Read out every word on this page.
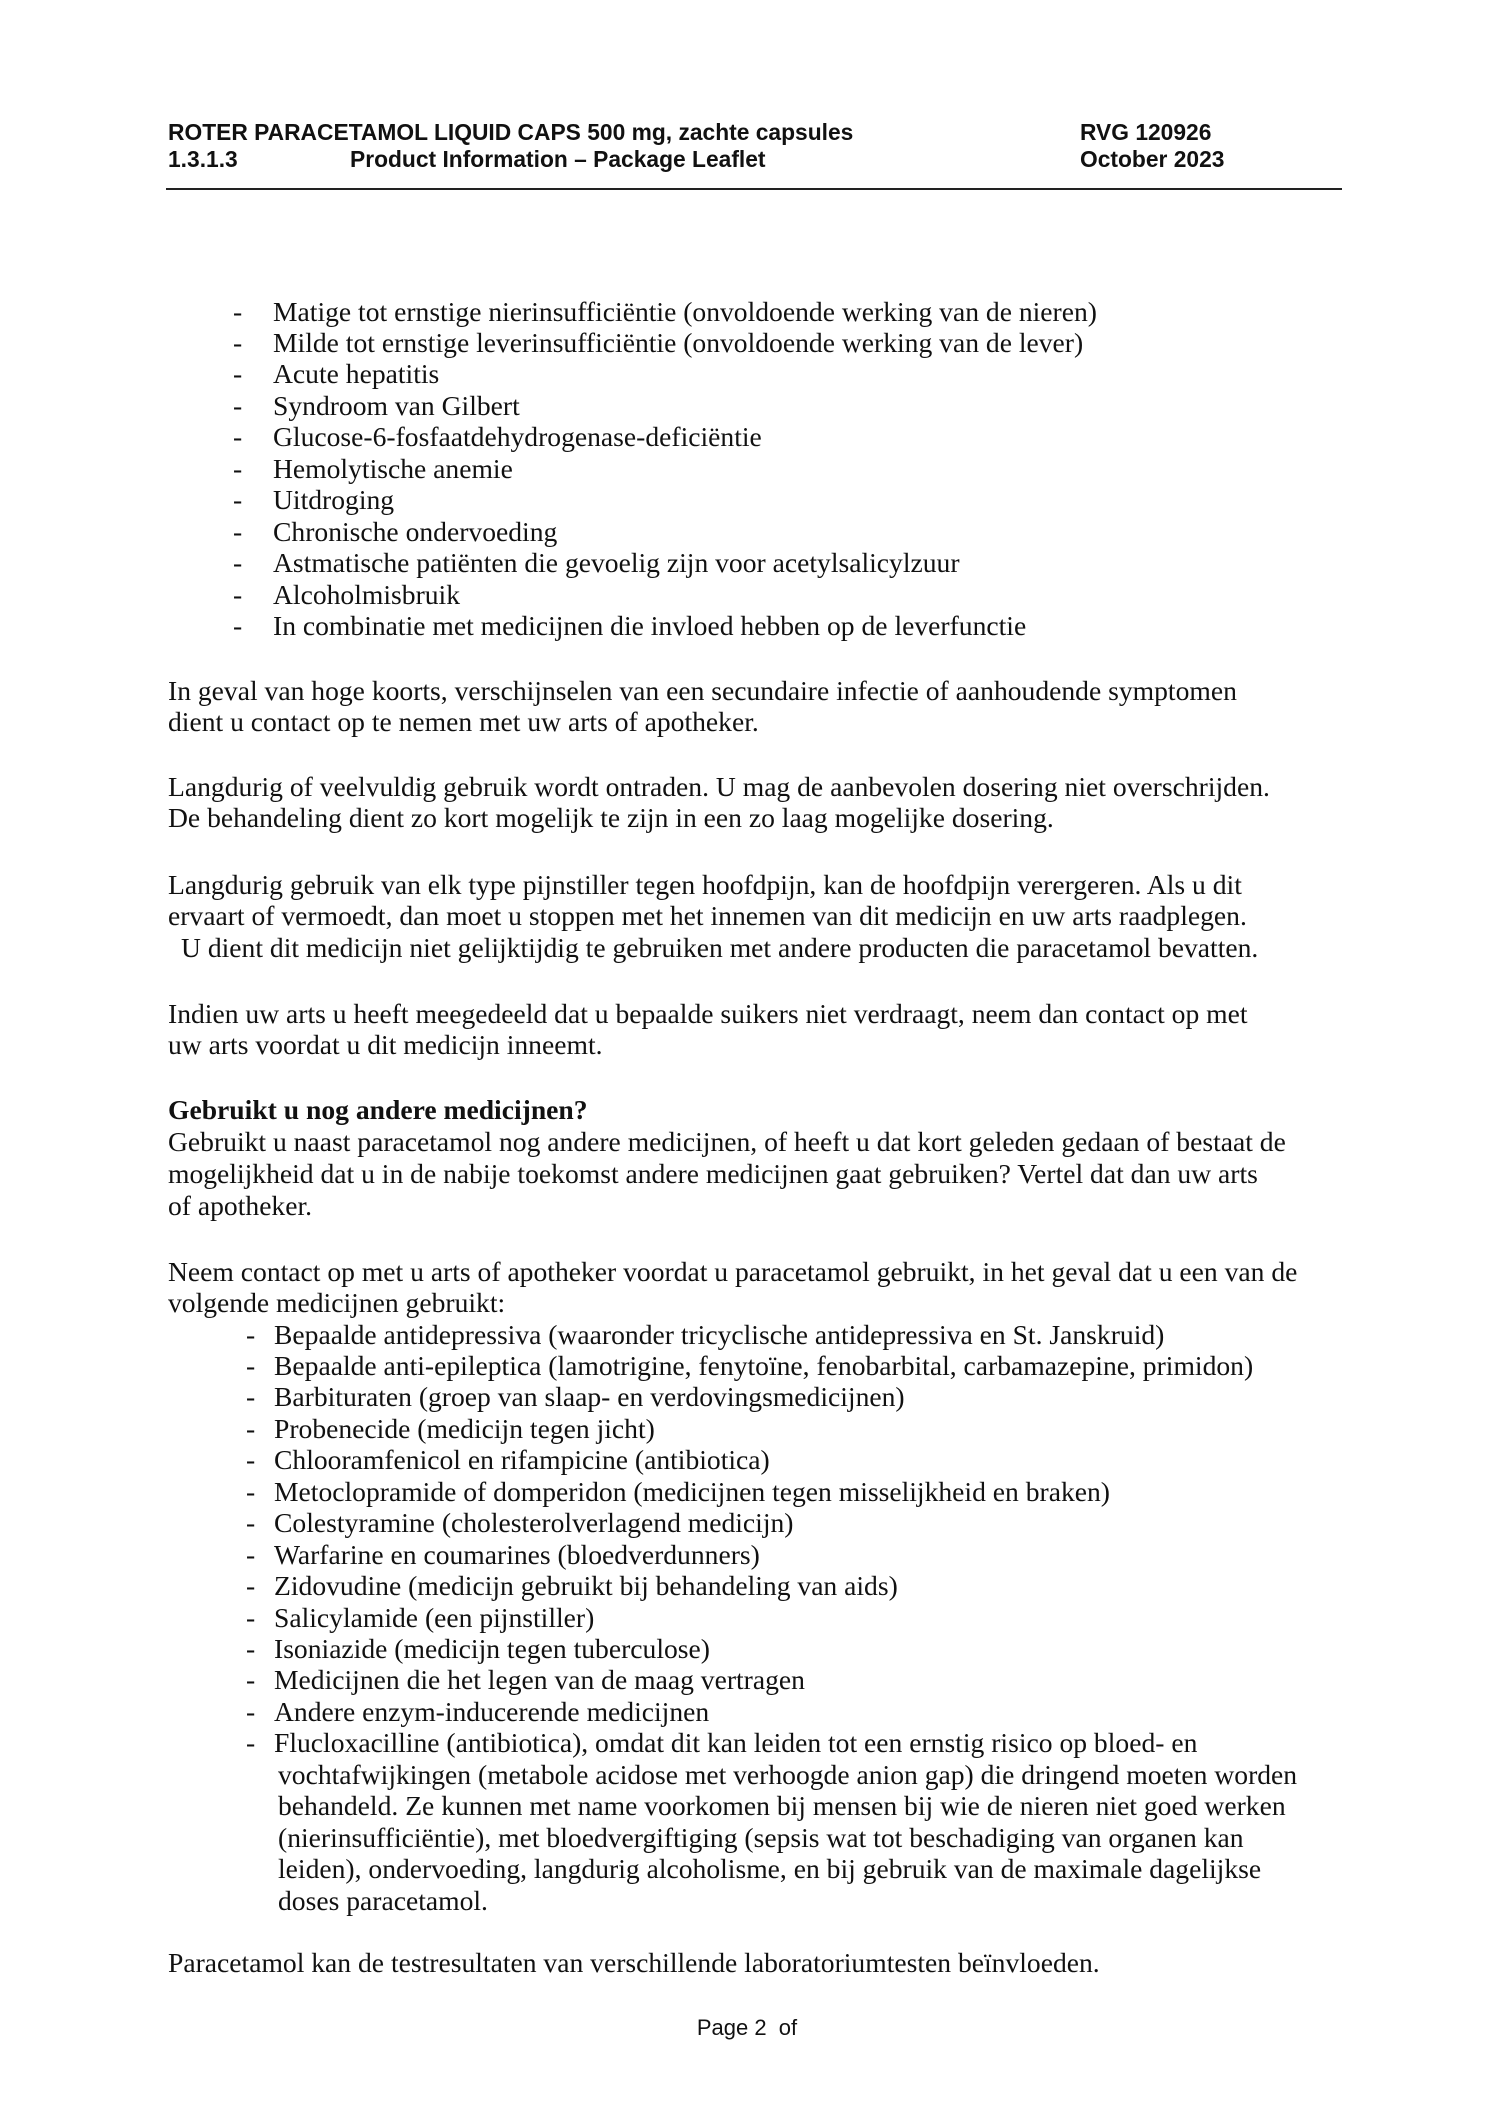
ROTER PARACETAMOL LIQUID CAPS 500 mg, zachte capsules	RVG 120926
1.3.1.3	Product Information – Package Leaflet	October 2023
- Matige tot ernstige nierinsufficiëntie (onvoldoende werking van de nieren)
- Milde tot ernstige leverinsufficiëntie (onvoldoende werking van de lever)
- Acute hepatitis
- Syndroom van Gilbert
- Glucose-6-fosfaatdehydrogenase-deficiëntie
- Hemolytische anemie
- Uitdroging
- Chronische ondervoeding
- Astmatische patiënten die gevoelig zijn voor acetylsalicylzuur
- Alcoholmisbruik
- In combinatie met medicijnen die invloed hebben op de leverfunctie
In geval van hoge koorts, verschijnselen van een secundaire infectie of aanhoudende symptomen
dient u contact op te nemen met uw arts of apotheker.
Langdurig of veelvuldig gebruik wordt ontraden. U mag de aanbevolen dosering niet overschrijden.
De behandeling dient zo kort mogelijk te zijn in een zo laag mogelijke dosering.
Langdurig gebruik van elk type pijnstiller tegen hoofdpijn, kan de hoofdpijn verergeren. Als u dit
ervaart of vermoedt, dan moet u stoppen met het innemen van dit medicijn en uw arts raadplegen.
U dient dit medicijn niet gelijktijdig te gebruiken met andere producten die paracetamol bevatten.
Indien uw arts u heeft meegedeeld dat u bepaalde suikers niet verdraagt, neem dan contact op met
uw arts voordat u dit medicijn inneemt.
Gebruikt u nog andere medicijnen?
Gebruikt u naast paracetamol nog andere medicijnen, of heeft u dat kort geleden gedaan of bestaat de
mogelijkheid dat u in de nabije toekomst andere medicijnen gaat gebruiken? Vertel dat dan uw arts
of apotheker.
Neem contact op met u arts of apotheker voordat u paracetamol gebruikt, in het geval dat u een van de
volgende medicijnen gebruikt:
- Bepaalde antidepressiva (waaronder tricyclische antidepressiva en St. Janskruid)
- Bepaalde anti-epileptica (lamotrigine, fenytoïne, fenobarbital, carbamazepine, primidon)
- Barbituraten (groep van slaap- en verdovingsmedicijnen)
- Probenecide (medicijn tegen jicht)
- Chlooramfenicol en rifampicine (antibiotica)
- Metoclopramide of domperidon (medicijnen tegen misselijkheid en braken)
- Colestyramine (cholesterolverlagend medicijn)
- Warfarine en coumarines (bloedverdunners)
- Zidovudine (medicijn gebruikt bij behandeling van aids)
- Salicylamide (een pijnstiller)
- Isoniazide (medicijn tegen tuberculose)
- Medicijnen die het legen van de maag vertragen
- Andere enzym-inducerende medicijnen
- Flucloxacilline (antibiotica), omdat dit kan leiden tot een ernstig risico op bloed- en
vochtafwijkingen (metabole acidose met verhoogde anion gap) die dringend moeten worden
behandeld. Ze kunnen met name voorkomen bij mensen bij wie de nieren niet goed werken
(nierinsufficiëntie), met bloedvergiftiging (sepsis wat tot beschadiging van organen kan
leiden), ondervoeding, langdurig alcoholisme, en bij gebruik van de maximale dagelijkse
doses paracetamol.
Paracetamol kan de testresultaten van verschillende laboratoriumtesten beïnvloeden.
Page 2  of
